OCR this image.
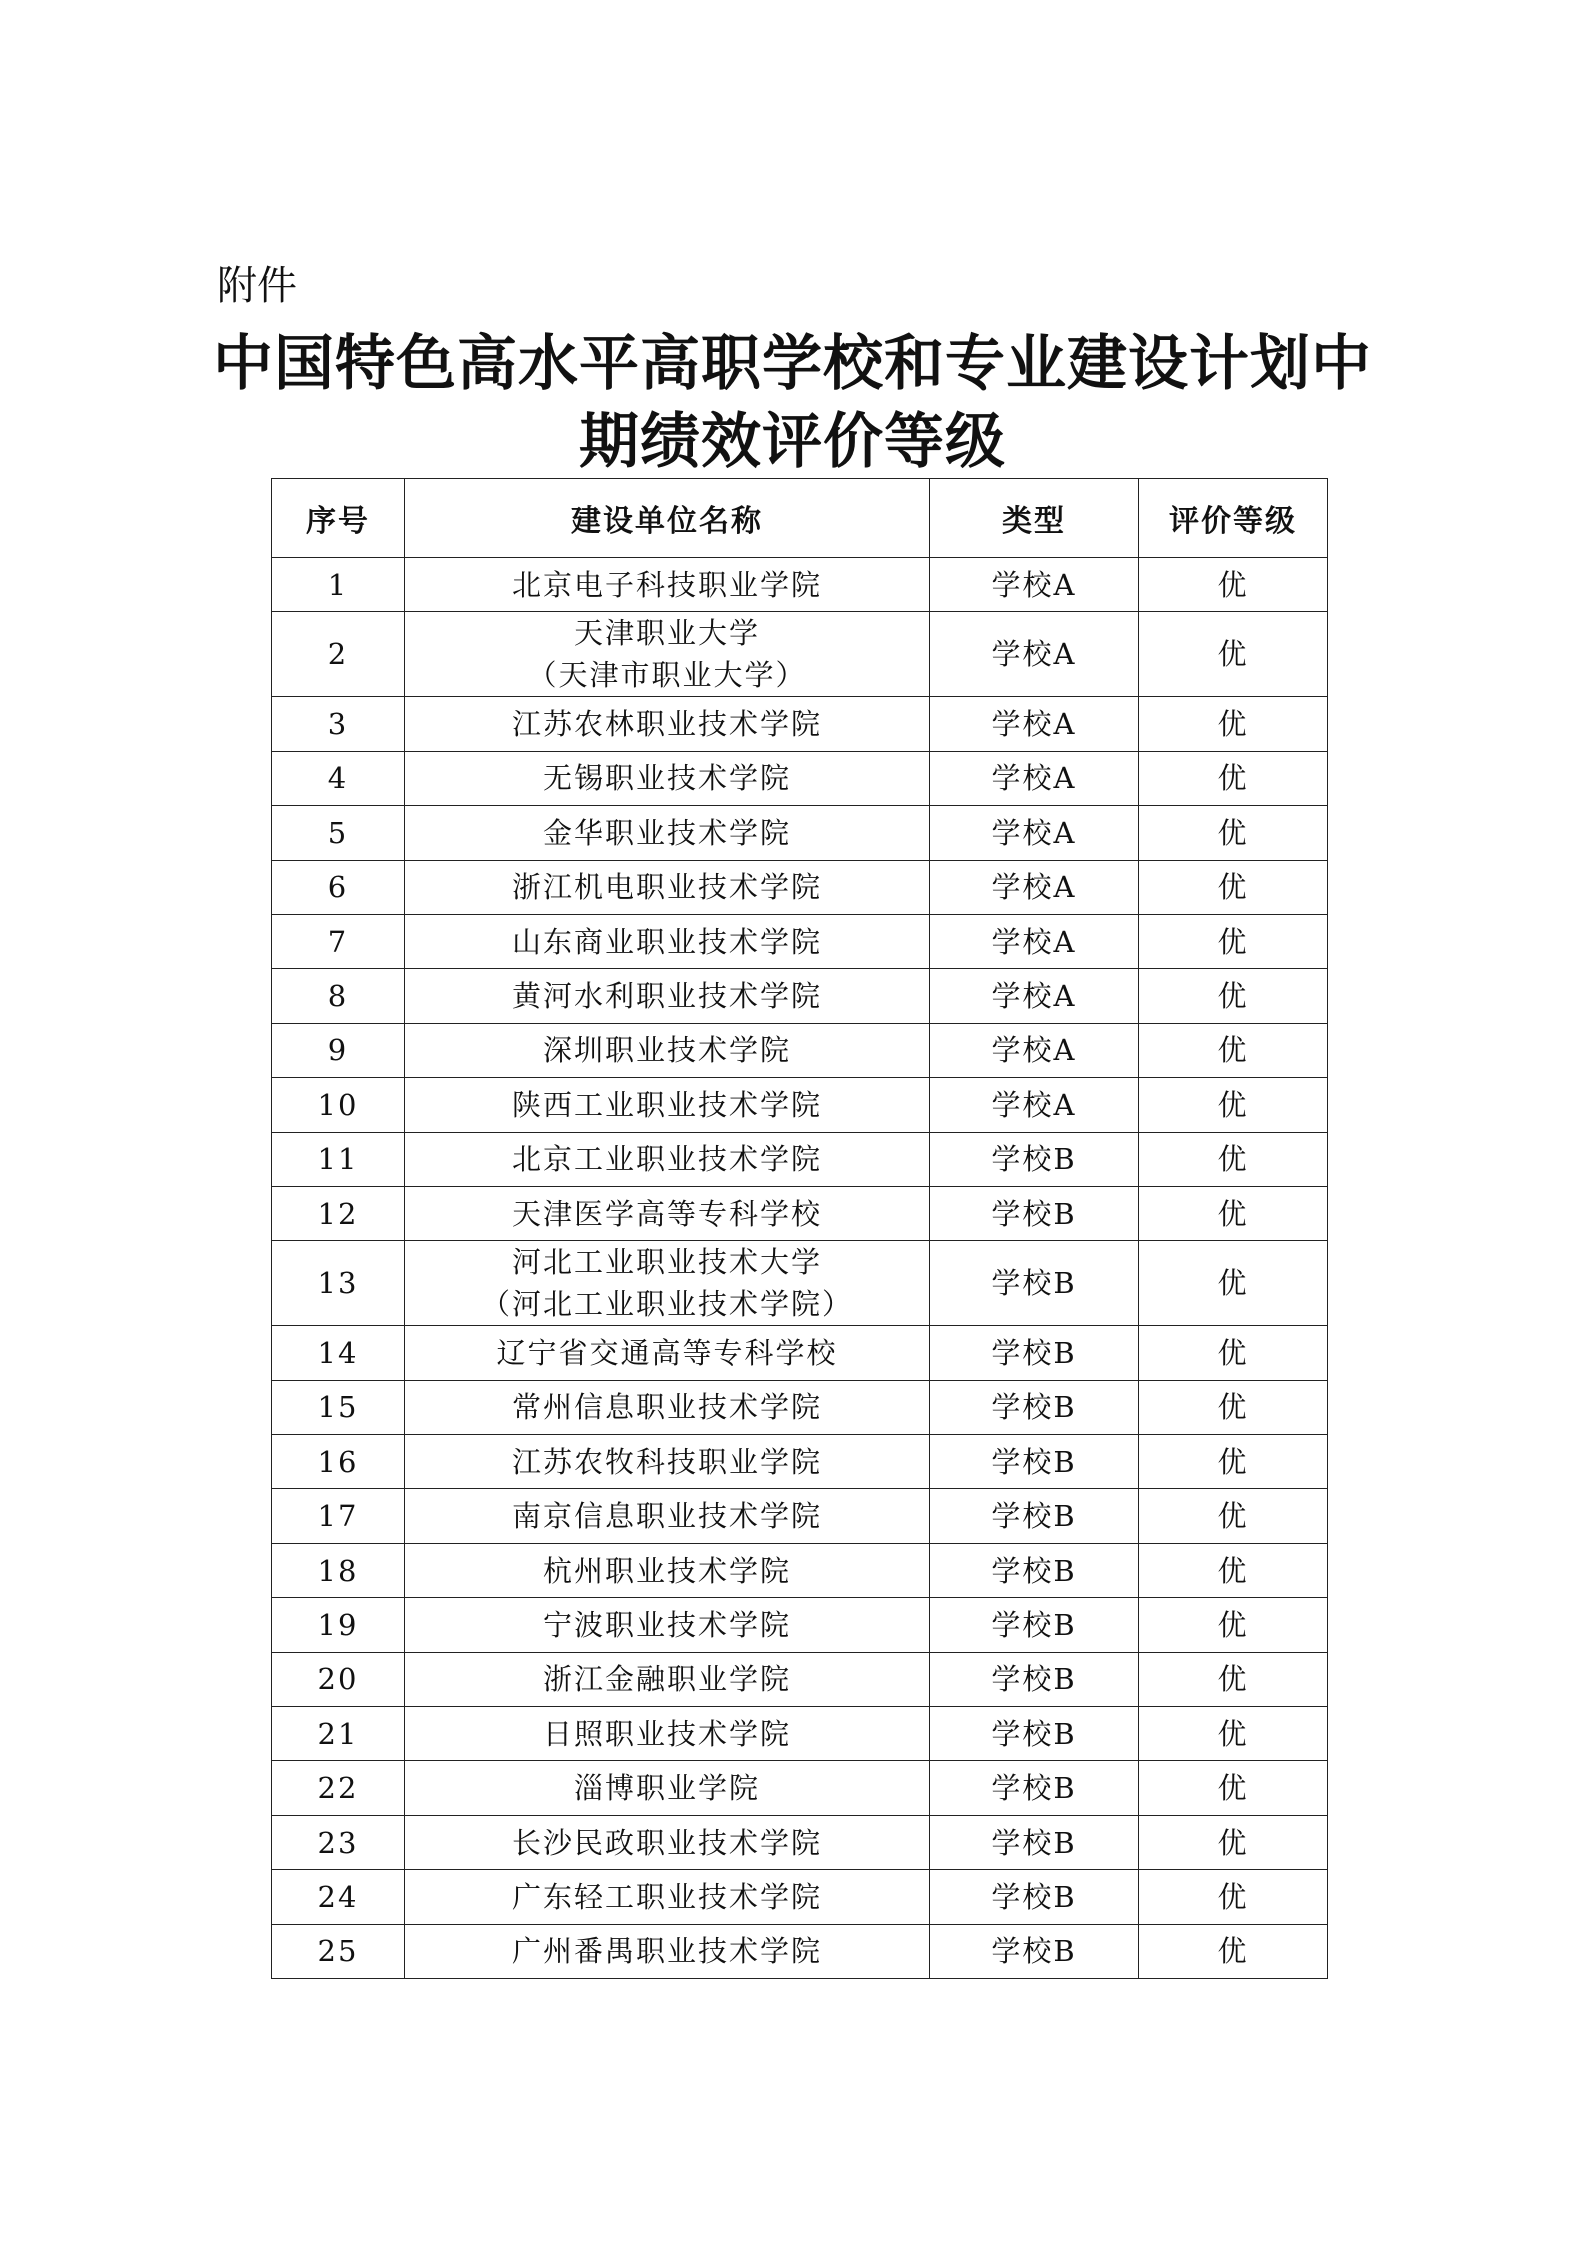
附件
中国特色高水平高职学校和专业建设计划中
期绩效评价等级
序号	建设单位名称	类型	评价等级
1	北京电子科技职业学院	学校A	优
2	天津职业大学
（天津市职业大学）	学校A	优
3	江苏农林职业技术学院	学校A	优
4	无锡职业技术学院	学校A	优
5	金华职业技术学院	学校A	优
6	浙江机电职业技术学院	学校A	优
7	山东商业职业技术学院	学校A	优
8	黄河水利职业技术学院	学校A	优
9	深圳职业技术学院	学校A	优
10	陕西工业职业技术学院	学校A	优
11	北京工业职业技术学院	学校B	优
12	天津医学高等专科学校	学校B	优
13	河北工业职业技术大学
（河北工业职业技术学院）	学校B	优
14	辽宁省交通高等专科学校	学校B	优
15	常州信息职业技术学院	学校B	优
16	江苏农牧科技职业学院	学校B	优
17	南京信息职业技术学院	学校B	优
18	杭州职业技术学院	学校B	优
19	宁波职业技术学院	学校B	优
20	浙江金融职业学院	学校B	优
21	日照职业技术学院	学校B	优
22	淄博职业学院	学校B	优
23	长沙民政职业技术学院	学校B	优
24	广东轻工职业技术学院	学校B	优
25	广州番禺职业技术学院	学校B	优
